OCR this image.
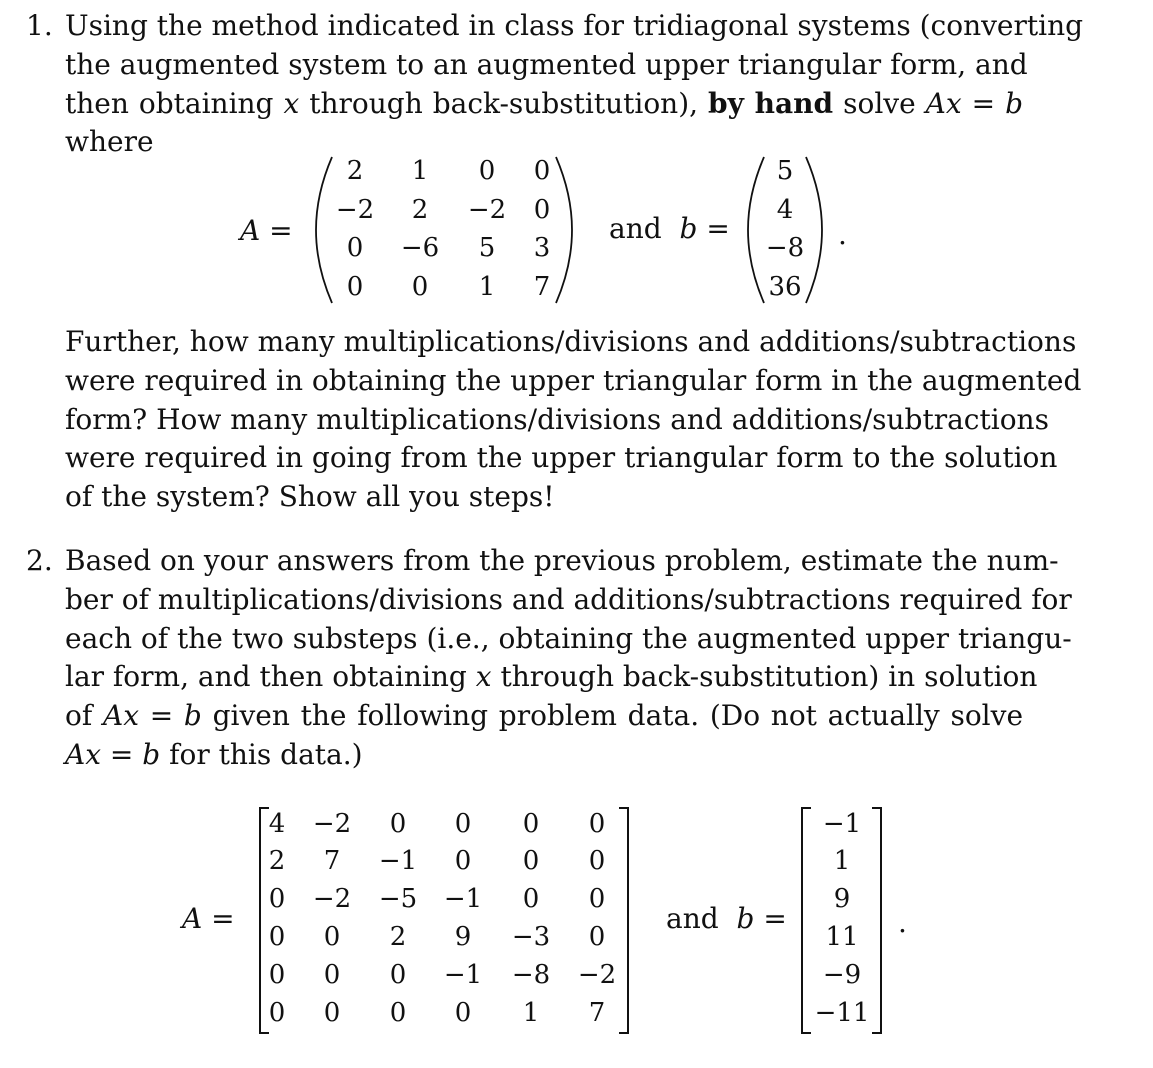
1. Using the method indicated in class for tridiagonal systems (converting
the augmented system to an augmented upper triangular form, and
then obtaining x through back-substitution), by hand solve Ax = b
where
A =
2	1	0	0
−2	2	−2	0
0	−6	5	3
0	0	1	7
and b =
5
4
−8
36
.
Further, how many multiplications/divisions and additions/subtractions
were required in obtaining the upper triangular form in the augmented
form? How many multiplications/divisions and additions/subtractions
were required in going from the upper triangular form to the solution
of the system? Show all you steps!
2. Based on your answers from the previous problem, estimate the num-
ber of multiplications/divisions and additions/subtractions required for
each of the two substeps (i.e., obtaining the augmented upper triangu-
lar form, and then obtaining x through back-substitution) in solution
of Ax = b given the following problem data. (Do not actually solve
Ax = b for this data.)
A =
4	−2	0	0	0	0
2	7	−1	0	0	0
0	−2	−5	−1	0	0
0	0	2	9	−3	0
0	0	0	−1	−8	−2
0	0	0	0	1	7
and b =
−1
1
9
11
−9
−11
.
